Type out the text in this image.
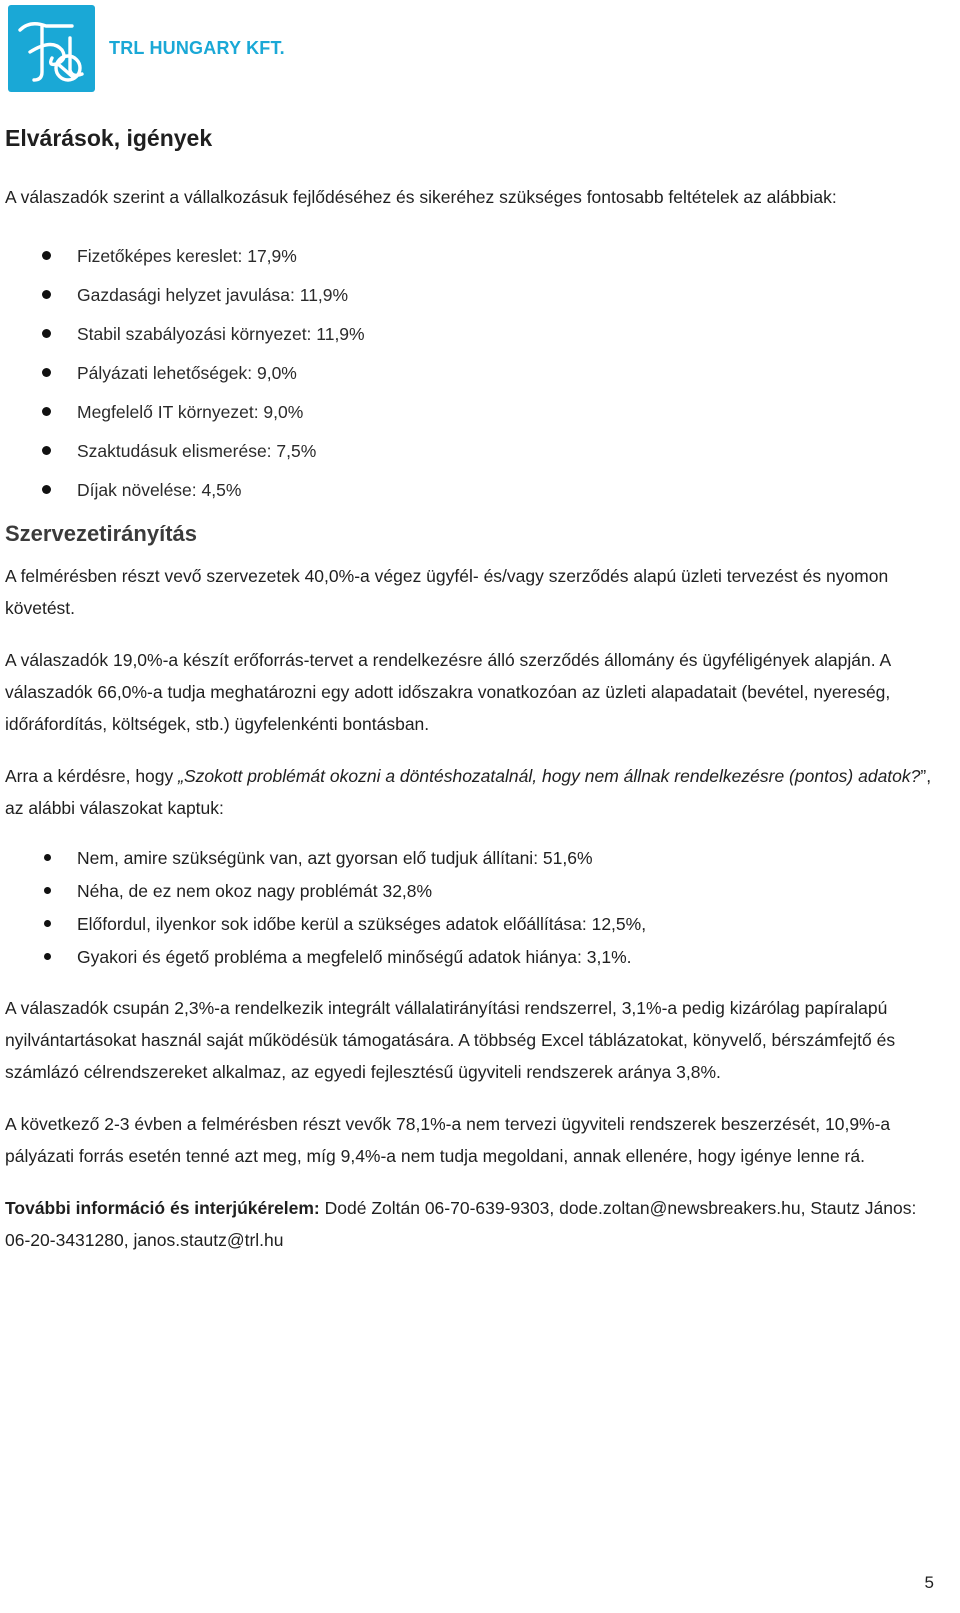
TRL HUNGARY KFT.
Elvárások, igények

A válaszadók szerint a vállalkozásuk fejlődéséhez és sikeréhez szükséges fontosabb feltételek az alábbiak:

Fizetőképes kereslet: 17,9%
Gazdasági helyzet javulása: 11,9%
Stabil szabályozási környezet: 11,9%
Pályázati lehetőségek: 9,0%
Megfelelő IT környezet: 9,0%
Szaktudásuk elismerése: 7,5%
Díjak növelése: 4,5%
Szervezetirányítás

A felmérésben részt vevő szervezetek 40,0%-a végez ügyfél- és/vagy szerződés alapú üzleti tervezést és nyomon követést.

A válaszadók 19,0%-a készít erőforrás-tervet a rendelkezésre álló szerződés állomány és ügyféligények alapján. A válaszadók 66,0%-a tudja meghatározni egy adott időszakra vonatkozóan az üzleti alapadatait (bevétel, nyereség, időráfordítás, költségek, stb.) ügyfelenkénti bontásban.

Arra a kérdésre, hogy „Szokott problémát okozni a döntéshozatalnál, hogy nem állnak rendelkezésre (pontos) adatok?”, az alábbi válaszokat kaptuk:

Nem, amire szükségünk van, azt gyorsan elő tudjuk állítani: 51,6%
Néha, de ez nem okoz nagy problémát 32,8%
Előfordul, ilyenkor sok időbe kerül a szükséges adatok előállítása: 12,5%,
Gyakori és égető probléma a megfelelő minőségű adatok hiánya: 3,1%.

A válaszadók csupán 2,3%-a rendelkezik integrált vállalatirányítási rendszerrel, 3,1%-a pedig kizárólag papíralapú nyilvántartásokat használ saját működésük támogatására. A többség Excel táblázatokat, könyvelő, bérszámfejtő és számlázó célrendszereket alkalmaz, az egyedi fejlesztésű ügyviteli rendszerek aránya 3,8%.

A következő 2-3 évben a felmérésben részt vevők 78,1%-a nem tervezi ügyviteli rendszerek beszerzését, 10,9%-a pályázati forrás esetén tenné azt meg, míg 9,4%-a nem tudja megoldani, annak ellenére, hogy igénye lenne rá.

További információ és interjúkérelem: Dodé Zoltán 06-70-639-9303, dode.zoltan@newsbreakers.hu, Stautz János: 06-20-3431280, janos.stautz@trl.hu

5
